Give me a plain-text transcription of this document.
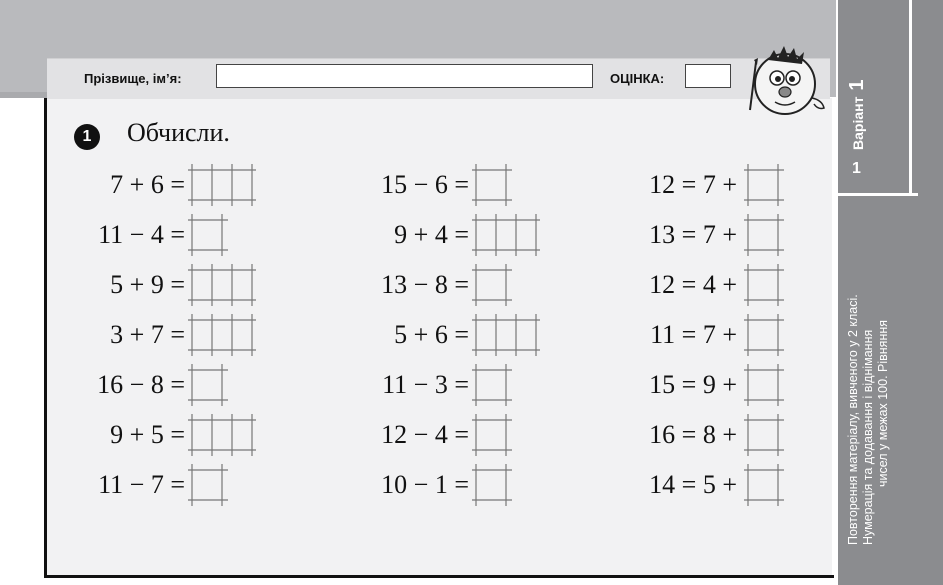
Прізвище, ім’я:	ОЦІНКА:
1	Обчисли.
7 + 6 =
11 − 4 =
5 + 9 =
3 + 7 =
16 − 8 =
9 + 5 =
11 − 7 =
15 − 6 =
9 + 4 =
13 − 8 =
5 + 6 =
11 − 3 =
12 − 4 =
10 − 1 =
12 = 7 +
13 = 7 +
12 = 4 +
11 = 7 +
15 = 9 +
16 = 8 +
14 = 5 +
Варіант1
1
Повторення матеріалу, вивченого у 2 класі. Нумерація та додавання і віднімання чисел у межах 100. Рівняння
